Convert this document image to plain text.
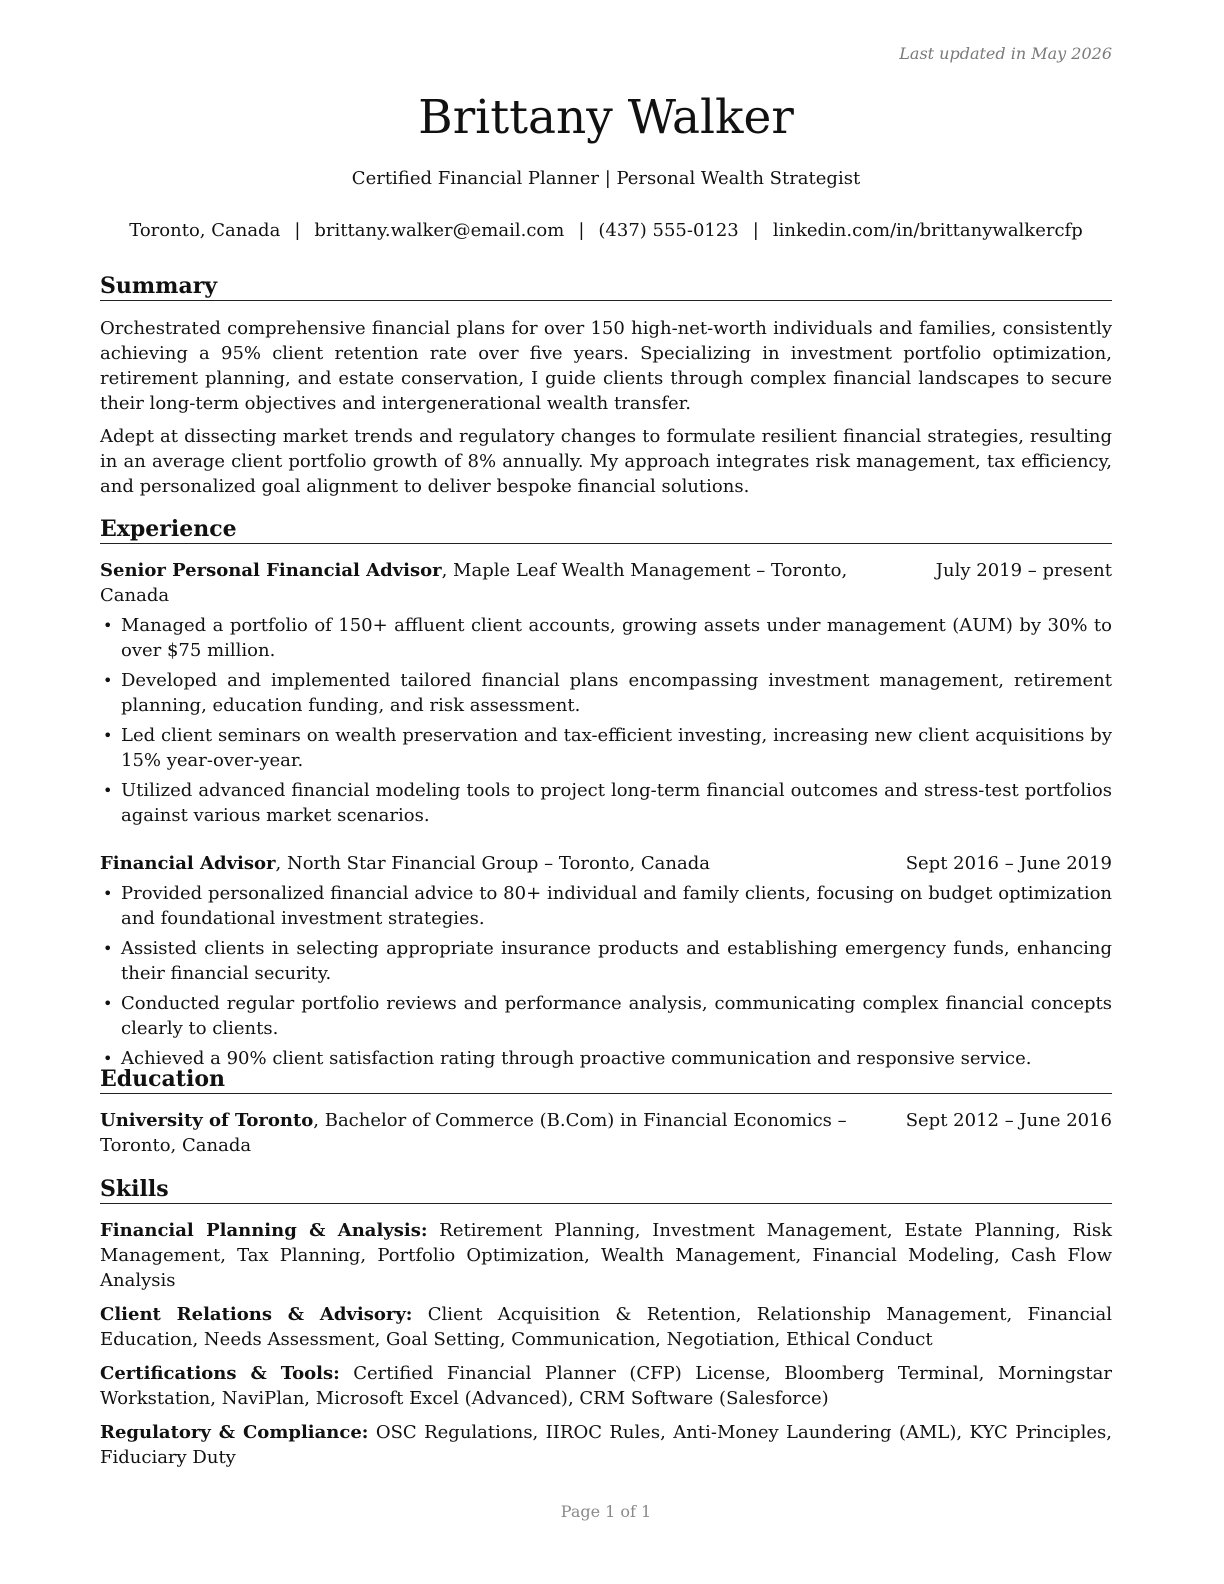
Last updated in May 2026
Brittany Walker
Certified Financial Planner | Personal Wealth Strategist
Toronto, Canada | brittany.walker@email.com | (437) 555-0123 | linkedin.com/in/brittanywalkercfp
Summary

Orchestrated comprehensive financial plans for over 150 high-net-worth individuals and families, consistently achieving a 95% client retention rate over five years. Specializing in investment portfolio optimization, retirement planning, and estate conservation, I guide clients through complex financial landscapes to secure their long-term objectives and intergenerational wealth transfer.

Adept at dissecting market trends and regulatory changes to formulate resilient financial strategies, resulting in an average client portfolio growth of 8% annually. My approach integrates risk management, tax efficiency, and personalized goal alignment to deliver bespoke financial solutions.

Experience
Senior Personal Financial Advisor, Maple Leaf Wealth Management – Toronto, Canada
July 2019 – present
• Managed a portfolio of 150+ affluent client accounts, growing assets under management (AUM) by 30% to over $75 million.
• Developed and implemented tailored financial plans encompassing investment management, retirement planning, education funding, and risk assessment.
• Led client seminars on wealth preservation and tax-efficient investing, increasing new client acquisitions by 15% year-over-year.
• Utilized advanced financial modeling tools to project long-term financial outcomes and stress-test portfolios against various market scenarios.
Financial Advisor, North Star Financial Group – Toronto, Canada	Sept 2016 – June 2019
• Provided personalized financial advice to 80+ individual and family clients, focusing on budget optimization and foundational investment strategies.
• Assisted clients in selecting appropriate insurance products and establishing emergency funds, enhancing their financial security.
• Conducted regular portfolio reviews and performance analysis, communicating complex financial concepts clearly to clients.
• Achieved a 90% client satisfaction rating through proactive communication and responsive service.
Education
University of Toronto, Bachelor of Commerce (B.Com) in Financial Economics – Toronto, Canada
Sept 2012 – June 2016
Skills

Financial Planning & Analysis: Retirement Planning, Investment Management, Estate Planning, Risk Management, Tax Planning, Portfolio Optimization, Wealth Management, Financial Modeling, Cash Flow Analysis

Client Relations & Advisory: Client Acquisition & Retention, Relationship Management, Financial Education, Needs Assessment, Goal Setting, Communication, Negotiation, Ethical Conduct

Certifications & Tools: Certified Financial Planner (CFP) License, Bloomberg Terminal, Morningstar Workstation, NaviPlan, Microsoft Excel (Advanced), CRM Software (Salesforce)

Regulatory & Compliance: OSC Regulations, IIROC Rules, Anti-Money Laundering (AML), KYC Principles, Fiduciary Duty

Page 1 of 1
